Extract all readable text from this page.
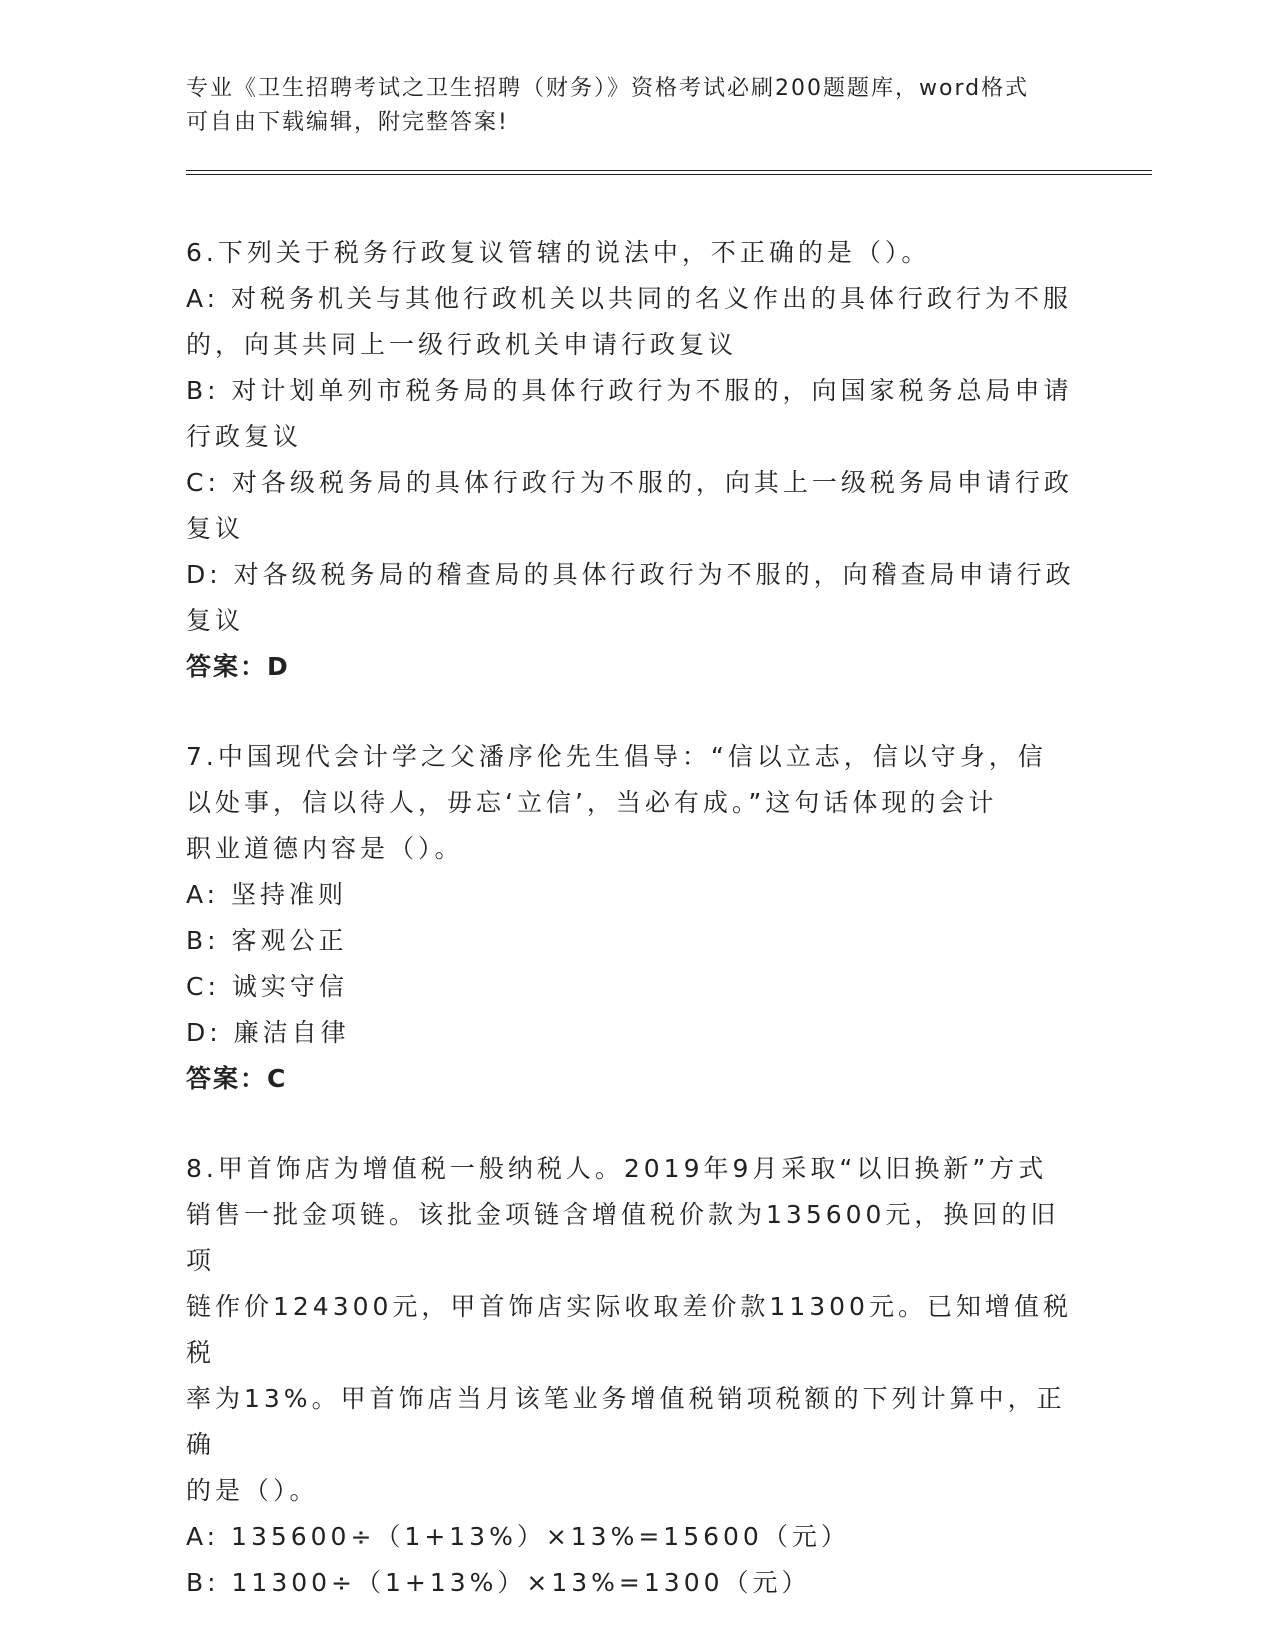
专业《卫生招聘考试之卫生招聘（财务）》资格考试必刷200题题库，word格式
可自由下载编辑，附完整答案!

6.下列关于税务行政复议管辖的说法中，不正确的是（）。

A: 对税务机关与其他行政机关以共同的名义作出的具体行政行为不服

的，向其共同上一级行政机关申请行政复议

B: 对计划单列市税务局的具体行政行为不服的，向国家税务总局申请

行政复议

C: 对各级税务局的具体行政行为不服的，向其上一级税务局申请行政

复议

D: 对各级税务局的稽查局的具体行政行为不服的，向稽查局申请行政

复议

答案：D

7.中国现代会计学之父潘序伦先生倡导：“信以立志，信以守身，信

以处事，信以待人，毋忘‘立信’，当必有成。”这句话体现的会计

职业道德内容是（）。

A: 坚持准则

B: 客观公正

C: 诚实守信

D: 廉洁自律

答案：C

8.甲首饰店为增值税一般纳税人。2019年9月采取“以旧换新”方式

销售一批金项链。该批金项链含增值税价款为135600元，换回的旧项

链作价124300元，甲首饰店实际收取差价款11300元。已知增值税税

率为13%。甲首饰店当月该笔业务增值税销项税额的下列计算中，正确

的是（）。

A: 135600÷（1+13%）×13%=15600（元）

B: 11300÷（1+13%）×13%=1300（元）
